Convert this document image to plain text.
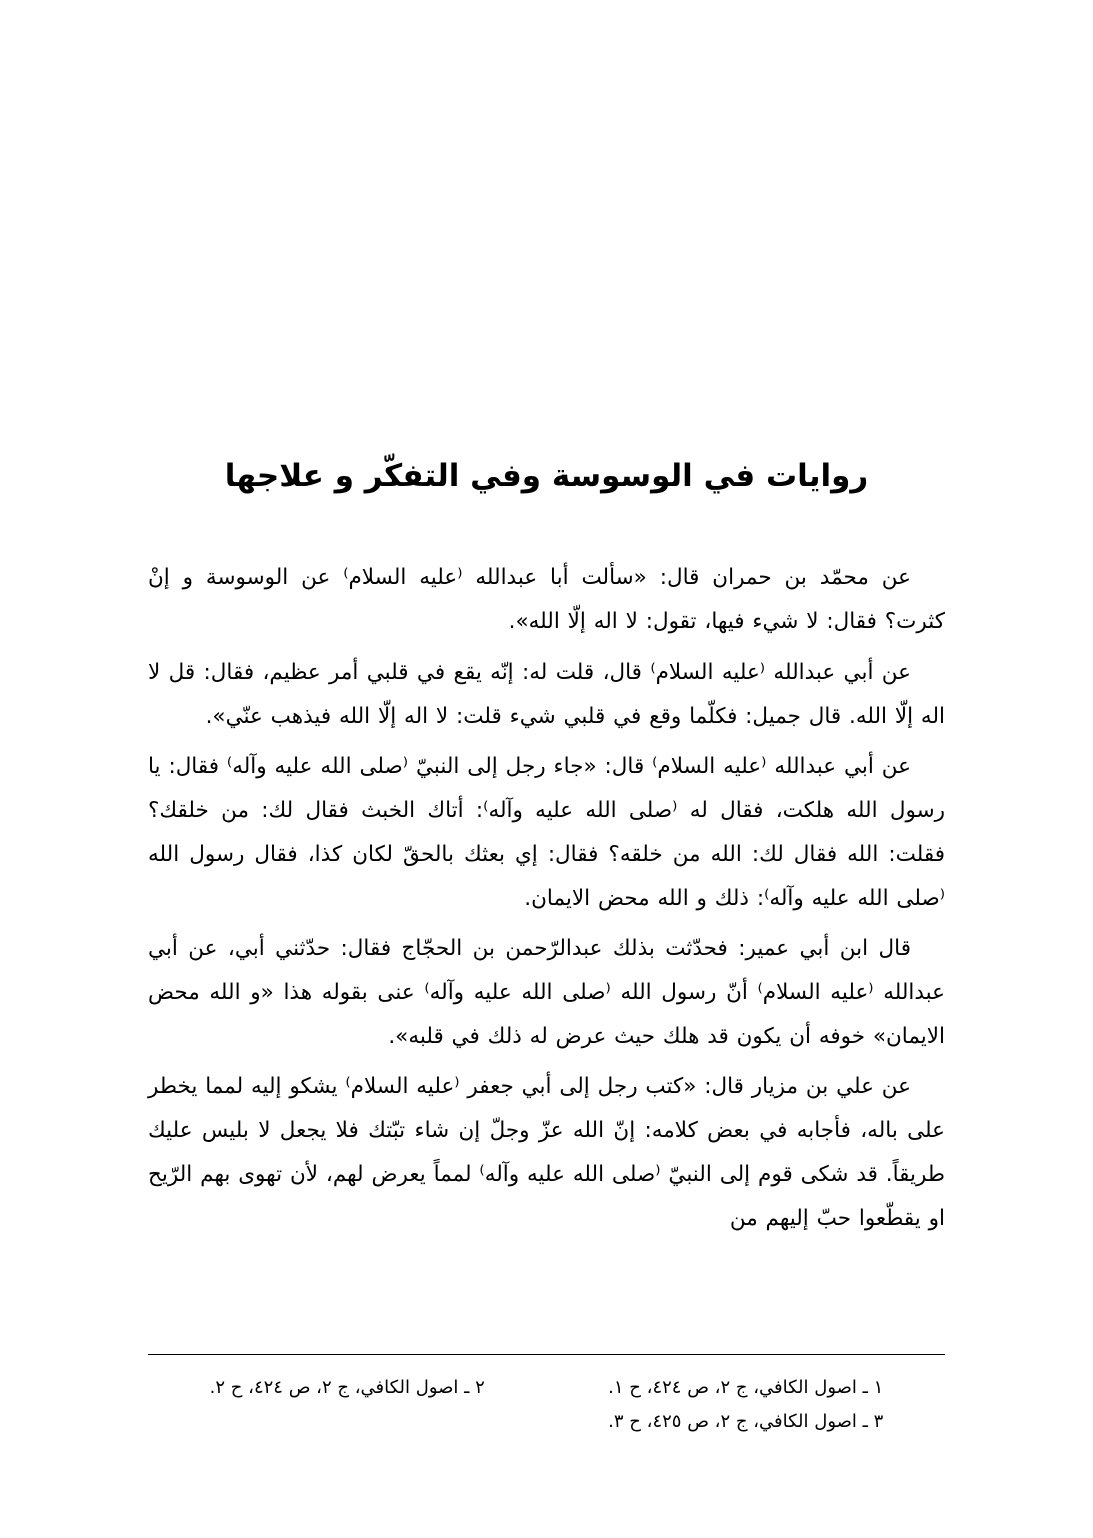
روايات في الوسوسة وفي التفكّر و علاجها

عن محمّد بن حمران قال: «سألت أبا عبدالله ⁽عليه السلام⁾ عن الوسوسة و إنْ كثرت؟ فقال: لا شيء فيها، تقول: لا اله إلّا الله».

عن أبي عبدالله ⁽عليه السلام⁾ قال، قلت له: إنّه يقع في قلبي أمر عظيم، فقال: قل لا اله إلّا الله. قال جميل: فكلّما وقع في قلبي شيء قلت: لا اله إلّا الله فيذهب عنّي».

عن أبي عبدالله ⁽عليه السلام⁾ قال: «جاء رجل إلى النبيّ ⁽صلى الله عليه وآله⁾ فقال: يا رسول الله هلكت، فقال له ⁽صلى الله عليه وآله⁾: أتاك الخبث فقال لك: من خلقك؟ فقلت: الله فقال لك: الله من خلقه؟ فقال: إي بعثك بالحقّ لكان كذا، فقال رسول الله ⁽صلى الله عليه وآله⁾: ذلك و الله محض الايمان.

قال ابن أبي عمير: فحدّثت بذلك عبدالرّحمن بن الحجّاج فقال: حدّثني أبي، عن أبي عبدالله ⁽عليه السلام⁾ أنّ رسول الله ⁽صلى الله عليه وآله⁾ عنى بقوله هذا «و الله محض الايمان» خوفه أن يكون قد هلك حيث عرض له ذلك في قلبه».

عن علي بن مزيار قال: «كتب رجل إلى أبي جعفر ⁽عليه السلام⁾ يشكو إليه لمما يخطر على باله، فأجابه في بعض كلامه: إنّ الله عزّ وجلّ إن شاء تبّتك فلا يجعل لا بليس عليك طريقاً. قد شكى قوم إلى النبيّ ⁽صلى الله عليه وآله⁾ لمماً يعرض لهم، لأن تهوى بهم الرّيح او يقطّعوا حبّ إليهم من

١ ـ اصول الكافي، ج ٢، ص ٤٢٤، ح ١.
٢ ـ اصول الكافي، ج ٢، ص ٤٢٤، ح ٢.
٣ ـ اصول الكافي، ج ٢، ص ٤٢٥، ح ٣.
